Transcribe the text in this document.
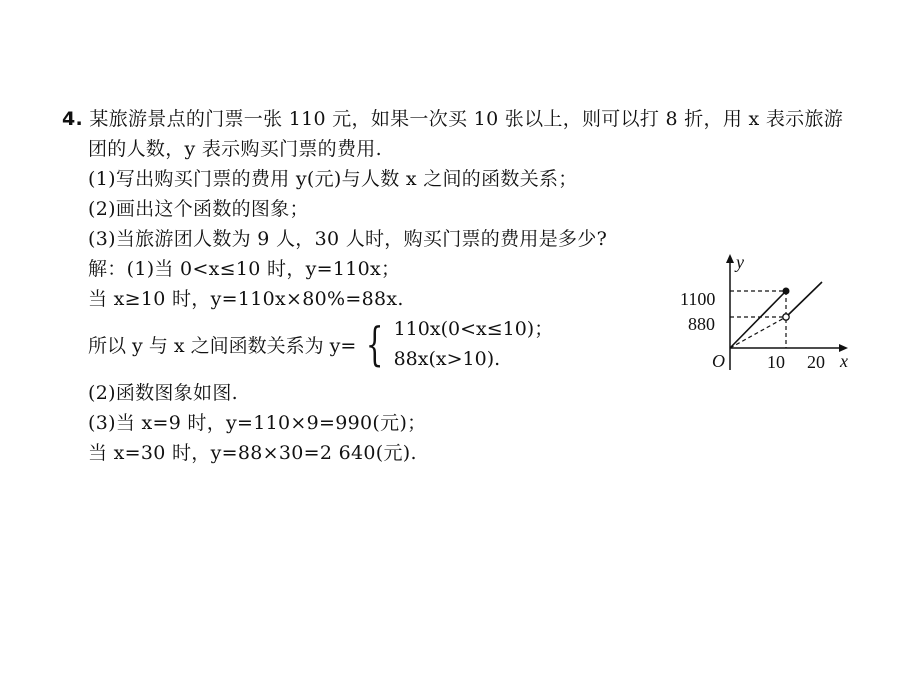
4. 某旅游景点的门票一张 110 元，如果一次买 10 张以上，则可以打 8 折，用 x 表示旅游
团的人数，y 表示购买门票的费用.
(1)写出购买门票的费用 y(元)与人数 x 之间的函数关系；
(2)画出这个函数的图象；
(3)当旅游团人数为 9 人，30 人时，购买门票的费用是多少?
解：(1)当 0<x≤10 时，y=110x；
当 x≥10 时，y=110x×80%=88x.
所以 y 与 x 之间函数关系为 y= { 110x(0<x≤10)；
88x(x>10).
(2)函数图象如图.
(3)当 x=9 时，y=110×9=990(元)；
当 x=30 时，y=88×30=2 640(元).
y
1100
880
O 10 20 x
